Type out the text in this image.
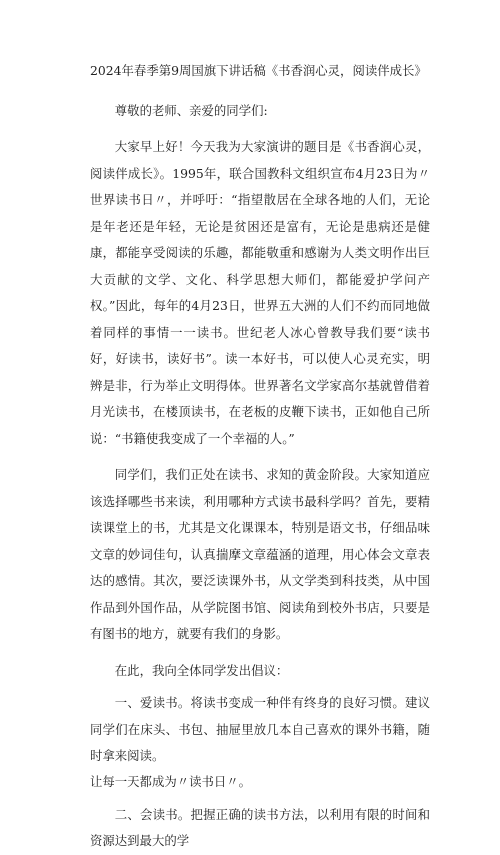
2024年春季第9周国旗下讲话稿《书香润心灵，阅读伴成长》

尊敬的老师、亲爱的同学们:

大家早上好！今天我为大家演讲的题目是《书香润心灵，阅读伴成长》。1995年，联合国教科文组织宣布4月23日为〃世界读书日〃，并呼吁：“指望散居在全球各地的人们，无论是年老还是年轻，无论是贫困还是富有，无论是患病还是健康，都能享受阅读的乐趣，都能敬重和感谢为人类文明作出巨大贡献的文学、文化、科学思想大师们，都能爱护学问产权。”因此，每年的4月23日，世界五大洲的人们不约而同地做着同样的事情一一读书。世纪老人冰心曾教导我们要“读书好，好读书，读好书”。读一本好书，可以使人心灵充实，明辨是非，行为举止文明得体。世界著名文学家高尔基就曾借着月光读书，在楼顶读书，在老板的皮鞭下读书，正如他自己所说：“书籍使我变成了一个幸福的人。”

同学们，我们正处在读书、求知的黄金阶段。大家知道应该选择哪些书来读，利用哪种方式读书最科学吗？首先，要精读课堂上的书，尤其是文化课课本，特别是语文书，仔细品味文章的妙词佳句，认真揣摩文章蕴涵的道理，用心体会文章表达的感情。其次，要泛读课外书，从文学类到科技类，从中国作品到外国作品，从学院图书馆、阅读角到校外书店，只要是有图书的地方，就要有我们的身影。

在此，我向全体同学发出倡议：

一、爱读书。将读书变成一种伴有终身的良好习惯。建议同学们在床头、书包、抽屉里放几本自己喜欢的课外书籍，随时拿来阅读。

让每一天都成为〃读书日〃。

二、会读书。把握正确的读书方法，以利用有限的时间和资源达到最大的学
